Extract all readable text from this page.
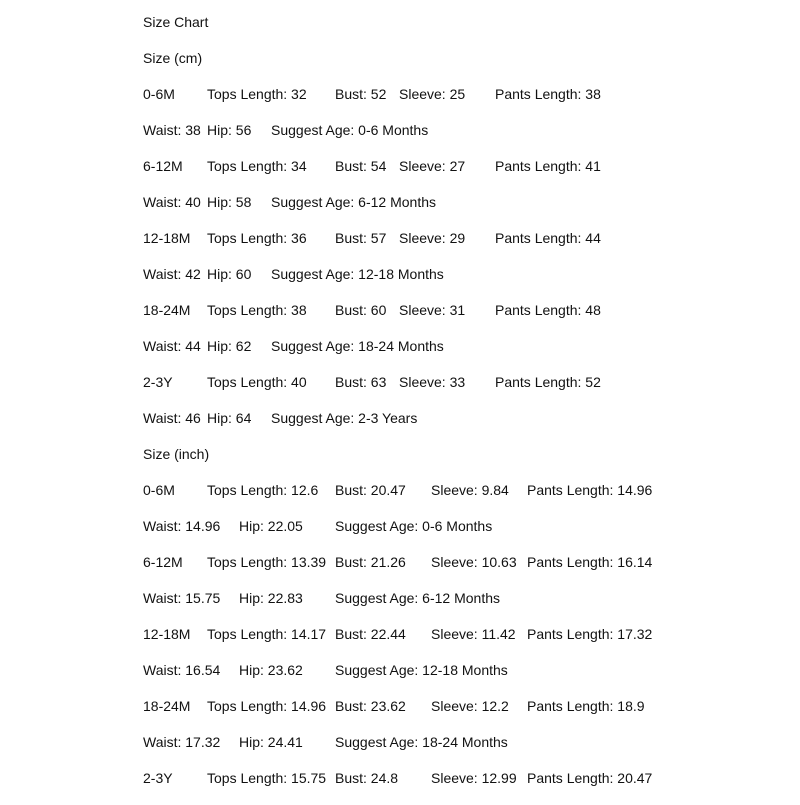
Size Chart
Size (cm)
0-6M Tops Length: 32 Bust: 52 Sleeve: 25 Pants Length: 38
Waist: 38 Hip: 56 Suggest Age: 0-6 Months
6-12M Tops Length: 34 Bust: 54 Sleeve: 27 Pants Length: 41
Waist: 40 Hip: 58 Suggest Age: 6-12 Months
12-18M Tops Length: 36 Bust: 57 Sleeve: 29 Pants Length: 44
Waist: 42 Hip: 60 Suggest Age: 12-18 Months
18-24M Tops Length: 38 Bust: 60 Sleeve: 31 Pants Length: 48
Waist: 44 Hip: 62 Suggest Age: 18-24 Months
2-3Y Tops Length: 40 Bust: 63 Sleeve: 33 Pants Length: 52
Waist: 46 Hip: 64 Suggest Age: 2-3 Years
Size (inch)
0-6M Tops Length: 12.6 Bust: 20.47 Sleeve: 9.84 Pants Length: 14.96
Waist: 14.96 Hip: 22.05 Suggest Age: 0-6 Months
6-12M Tops Length: 13.39 Bust: 21.26 Sleeve: 10.63 Pants Length: 16.14
Waist: 15.75 Hip: 22.83 Suggest Age: 6-12 Months
12-18M Tops Length: 14.17 Bust: 22.44 Sleeve: 11.42 Pants Length: 17.32
Waist: 16.54 Hip: 23.62 Suggest Age: 12-18 Months
18-24M Tops Length: 14.96 Bust: 23.62 Sleeve: 12.2 Pants Length: 18.9
Waist: 17.32 Hip: 24.41 Suggest Age: 18-24 Months
2-3Y Tops Length: 15.75 Bust: 24.8 Sleeve: 12.99 Pants Length: 20.47
